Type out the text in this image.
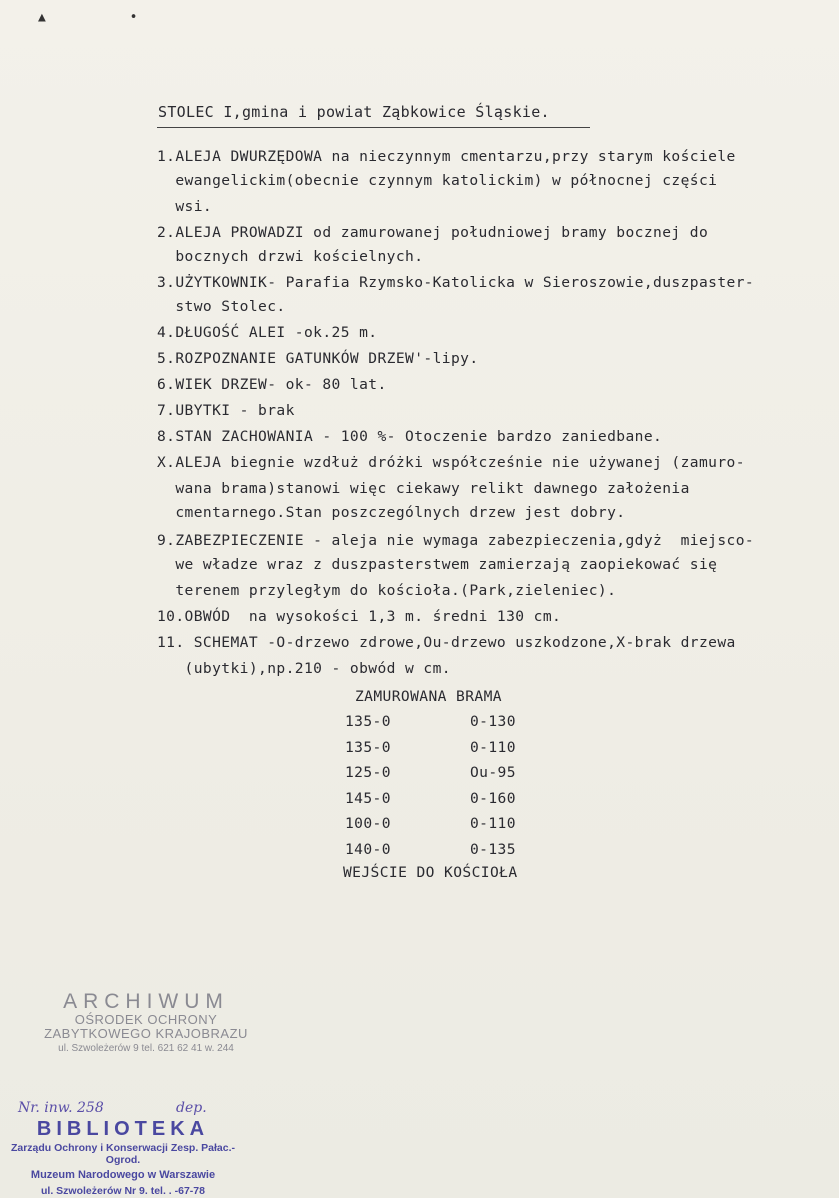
▲ •
STOLEC I,gmina i powiat Ząbkowice Śląskie.
1.ALEJA DWURZĘDOWA na nieczynnym cmentarzu,przy starym kościele
ewangelickim(obecnie czynnym katolickim) w północnej części
wsi.
2.ALEJA PROWADZI od zamurowanej południowej bramy bocznej do
bocznych drzwi kościelnych.
3.UŻYTKOWNIK- Parafia Rzymsko-Katolicka w Sieroszowie,duszpaster-
stwo Stolec.
4.DŁUGOŚĆ ALEI -ok.25 m.
5.ROZPOZNANIE GATUNKÓW DRZEW'-lipy.
6.WIEK DRZEW- ok- 80 lat.
7.UBYTKI - brak
8.STAN ZACHOWANIA - 100 %- Otoczenie bardzo zaniedbane.
X.ALEJA biegnie wzdłuż dróżki współcześnie nie używanej (zamuro-
wana brama)stanowi więc ciekawy relikt dawnego założenia
cmentarnego.Stan poszczególnych drzew jest dobry.
9.ZABEZPIECZENIE - aleja nie wymaga zabezpieczenia,gdyż  miejsco-
we władze wraz z duszpasterstwem zamierzają zaopiekować się
terenem przyległym do kościoła.(Park,zieleniec).
10.OBWÓD  na wysokości 1,3 m. średni 130 cm.
11. SCHEMAT -O-drzewo zdrowe,Ou-drzewo uszkodzone,X-brak drzewa
(ubytki),np.210 - obwód w cm.
ZAMUROWANA BRAMA
135-0	0-130
135-0	0-110
125-0	Ou-95
145-0	0-160
100-0	0-110
140-0	0-135
WEJŚCIE DO KOŚCIOŁA
ARCHIWUM
OŚRODEK OCHRONY
ZABYTKOWEGO KRAJOBRAZU
ul. Szwoleżerów 9 tel. 621 62 41 w. 244
Nr. inw. 258	dep.
BIBLIOTEKA
Zarządu Ochrony i Konserwacji Zesp. Pałac.-Ogrod.
Muzeum Narodowego w Warszawie
ul. Szwoleżerów Nr 9. tel. . -67-78
